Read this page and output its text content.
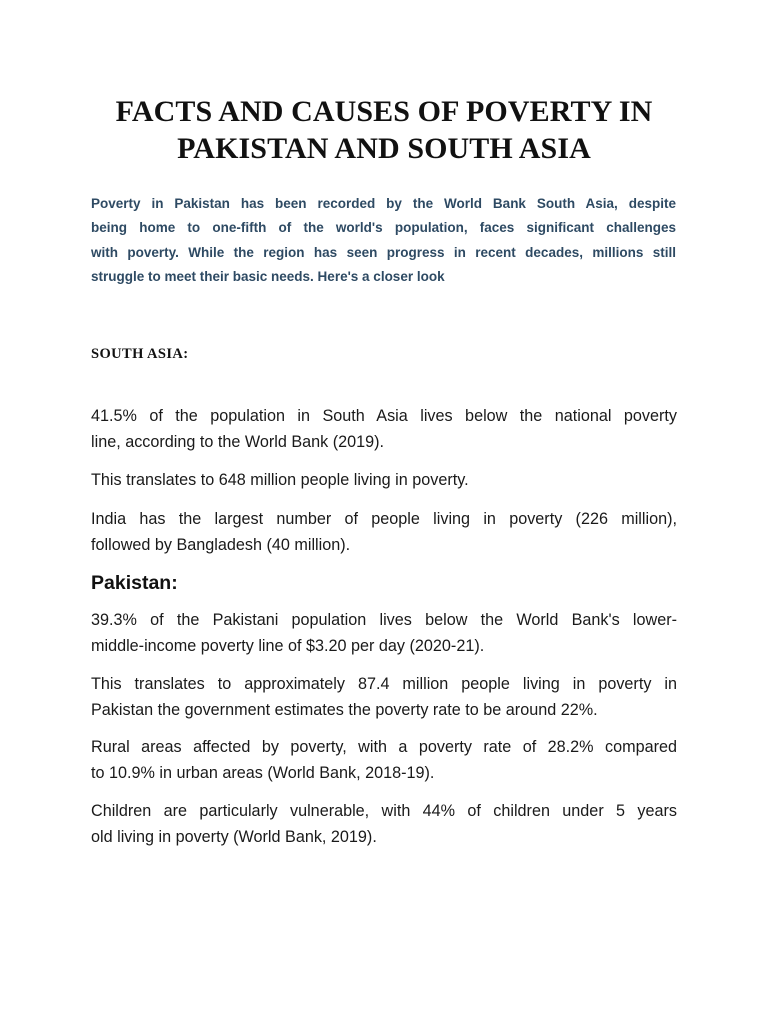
FACTS AND CAUSES OF POVERTY IN
PAKISTAN AND SOUTH ASIA

Poverty in Pakistan has been recorded by the World Bank South Asia, despite
being home to one-fifth of the world's population, faces significant challenges
with poverty. While the region has seen progress in recent decades, millions still
struggle to meet their basic needs. Here's a closer look

SOUTH ASIA:

41.5% of the population in South Asia lives below the national poverty
line, according to the World Bank (2019).

This translates to 648 million people living in poverty.

India has the largest number of people living in poverty (226 million),
followed by Bangladesh (40 million).

Pakistan:

39.3% of the Pakistani population lives below the World Bank's lower-
middle-income poverty line of $3.20 per day (2020-21).

This translates to approximately 87.4 million people living in poverty in
Pakistan the government estimates the poverty rate to be around 22%.

Rural areas affected by poverty, with a poverty rate of 28.2% compared
to 10.9% in urban areas (World Bank, 2018-19).

Children are particularly vulnerable, with 44% of children under 5 years
old living in poverty (World Bank, 2019).
